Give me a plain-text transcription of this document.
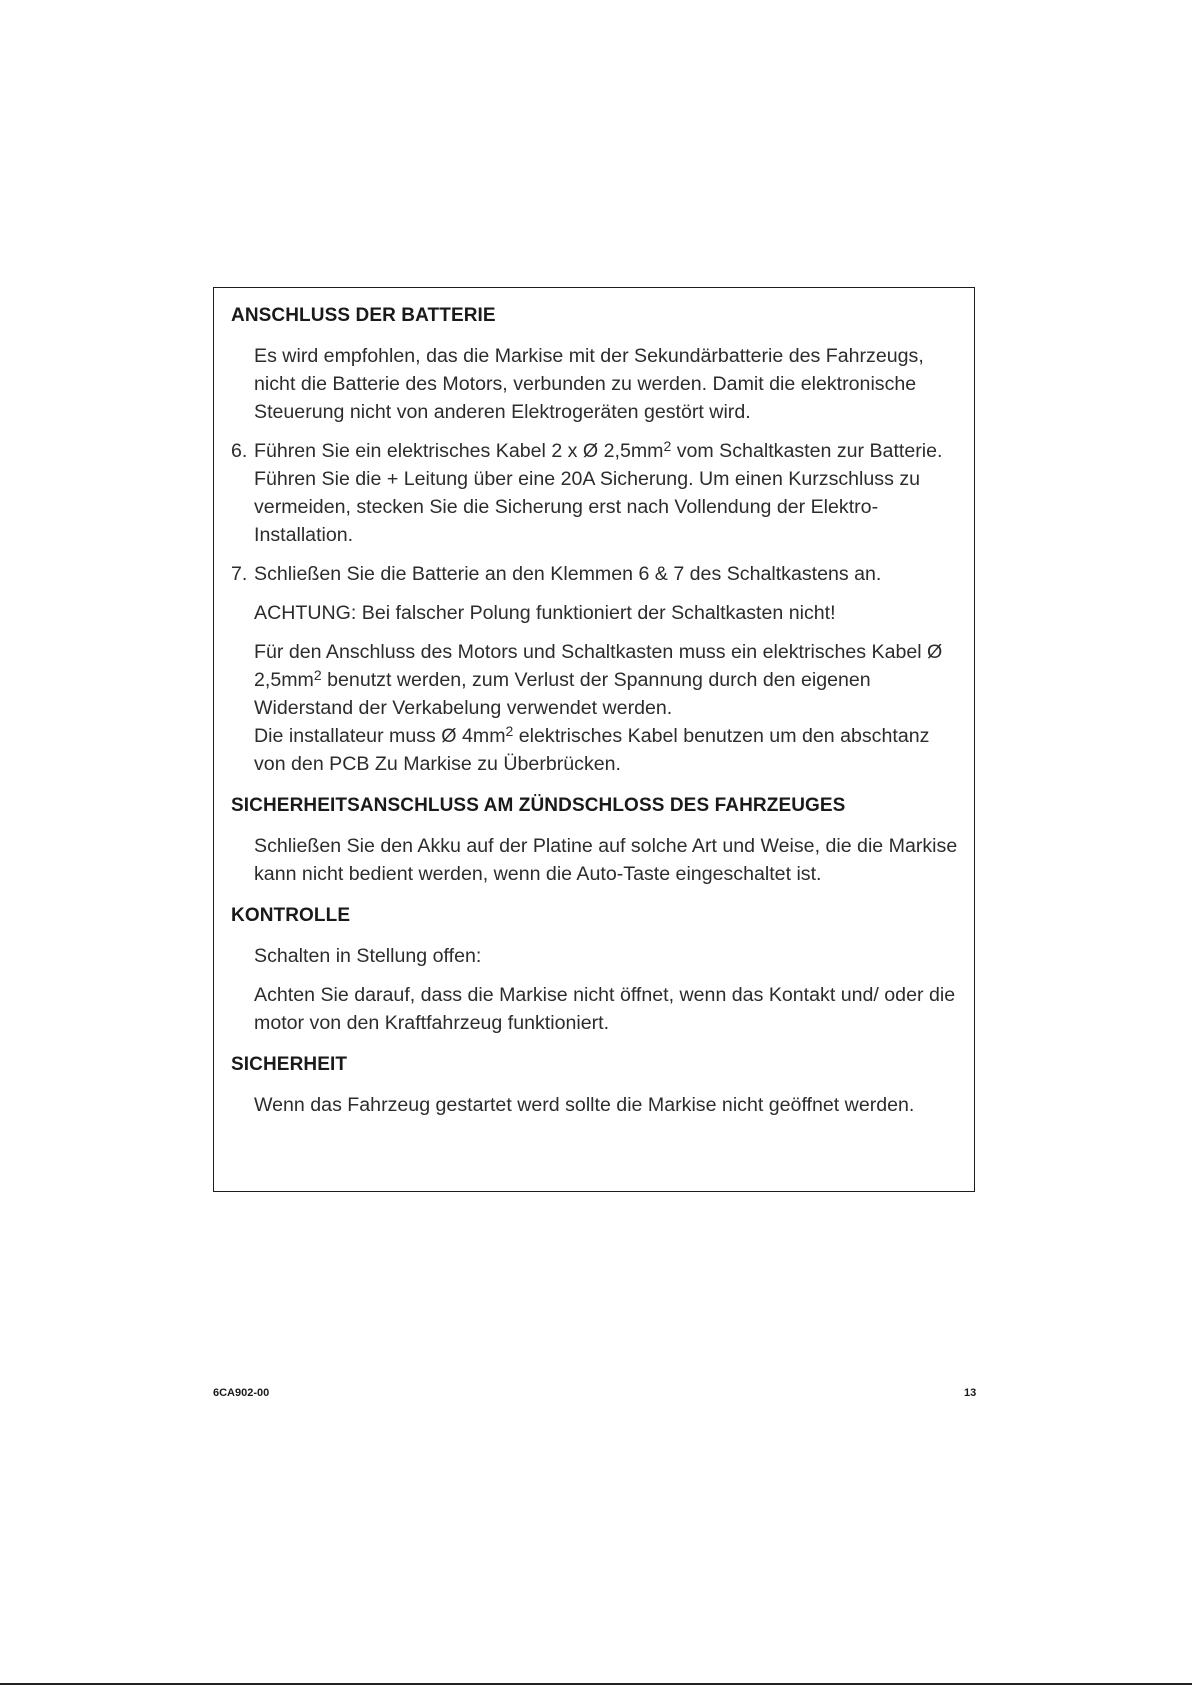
ANSCHLUSS DER BATTERIE

Es wird empfohlen, das die Markise mit der Sekundärbatterie des Fahrzeugs, nicht die Batterie des Motors, verbunden zu werden. Damit die elektronische Steuerung nicht von anderen Elektrogeräten gestört wird.

6. Führen Sie ein elektrisches Kabel 2 x Ø $2,5mm^2$ vom Schaltkasten zur Batterie. Führen Sie die + Leitung über eine 20A Sicherung. Um einen Kurzschluss zu vermeiden, stecken Sie die Sicherung erst nach Vollendung der Elektro-Installation.

7. Schließen Sie die Batterie an den Klemmen 6 & 7 des Schaltkastens an.

ACHTUNG: Bei falscher Polung funktioniert der Schaltkasten nicht!

Für den Anschluss des Motors und Schaltkasten muss ein elektrisches Kabel Ø $2,5mm^2$ benutzt werden, zum Verlust der Spannung durch den eigenen Widerstand der Verkabelung verwendet werden.
Die installateur muss Ø $4mm^2$ elektrisches Kabel benutzen um den abschtanz von den PCB Zu Markise zu Überbrücken.

SICHERHEITSANSCHLUSS AM ZÜNDSCHLOSS DES FAHRZEUGES

Schließen Sie den Akku auf der Platine auf solche Art und Weise, die die Markise kann nicht bedient werden, wenn die Auto-Taste eingeschaltet ist.

KONTROLLE

Schalten in Stellung offen:

Achten Sie darauf, dass die Markise nicht öffnet, wenn das Kontakt und/ oder die motor von den Kraftfahrzeug funktioniert.

SICHERHEIT

Wenn das Fahrzeug gestartet werd sollte die Markise nicht geöffnet werden.

6CA902-00	13
